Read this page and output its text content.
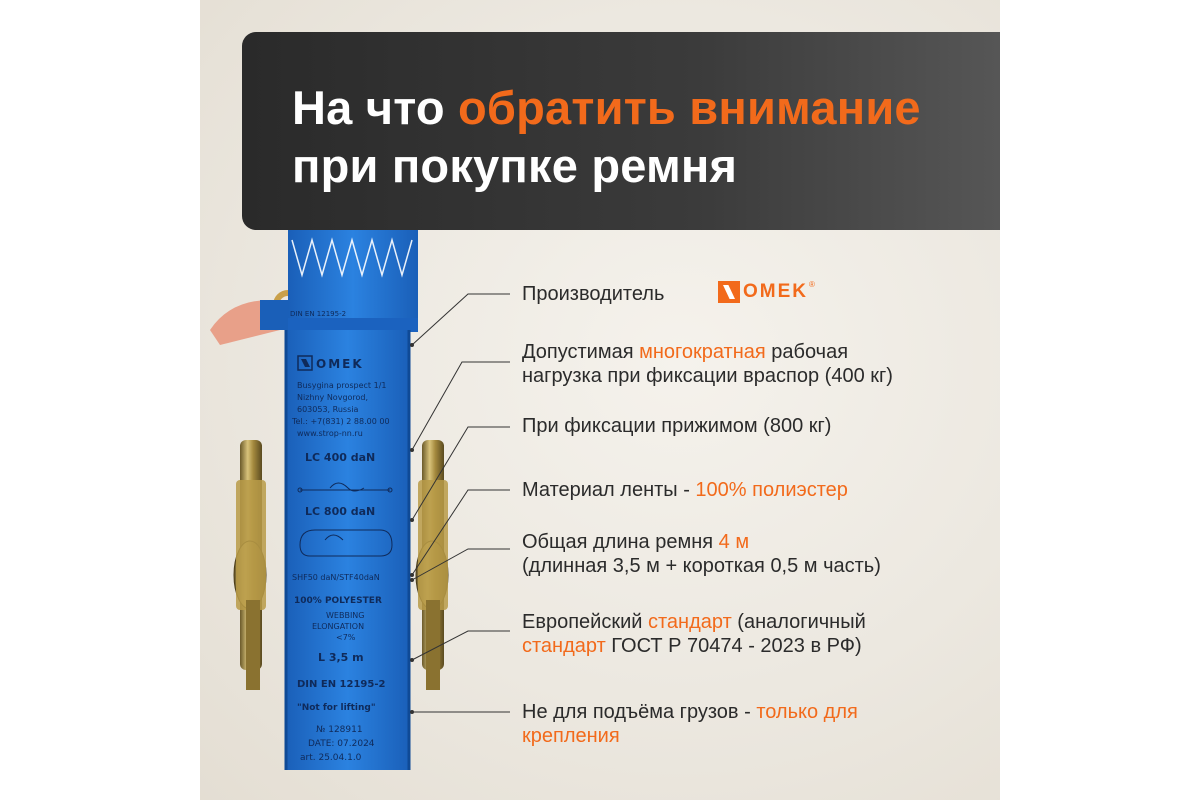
На что обратить внимание
при покупке ремня
DIN EN 12195-2
OMEK
Busygina prospect 1/1
Nizhny Novgorod,
603053, Russia
Tel.: +7(831) 2 88.00 00
www.strop-nn.ru
LC 400 daN
LC 800 daN
SHF50 daN/STF40daN
100% POLYESTER
WEBBING
ELONGATION
<7%
L 3,5 m
DIN EN 12195-2
"Not for lifting"
№ 128911
DATE: 07.2024
art. 25.04.1.0
Производитель	OMEK ®
Допустимая многократная рабочая
нагрузка при фиксации враспор (400 кг)
При фиксации прижимом (800 кг)
Материал ленты - 100% полиэстер
Общая длина ремня 4 м
(длинная 3,5 м + короткая 0,5 м часть)
Европейский стандарт (аналогичный
стандарт ГОСТ Р 70474 - 2023 в РФ)
Не для подъёма грузов - только для
крепления
